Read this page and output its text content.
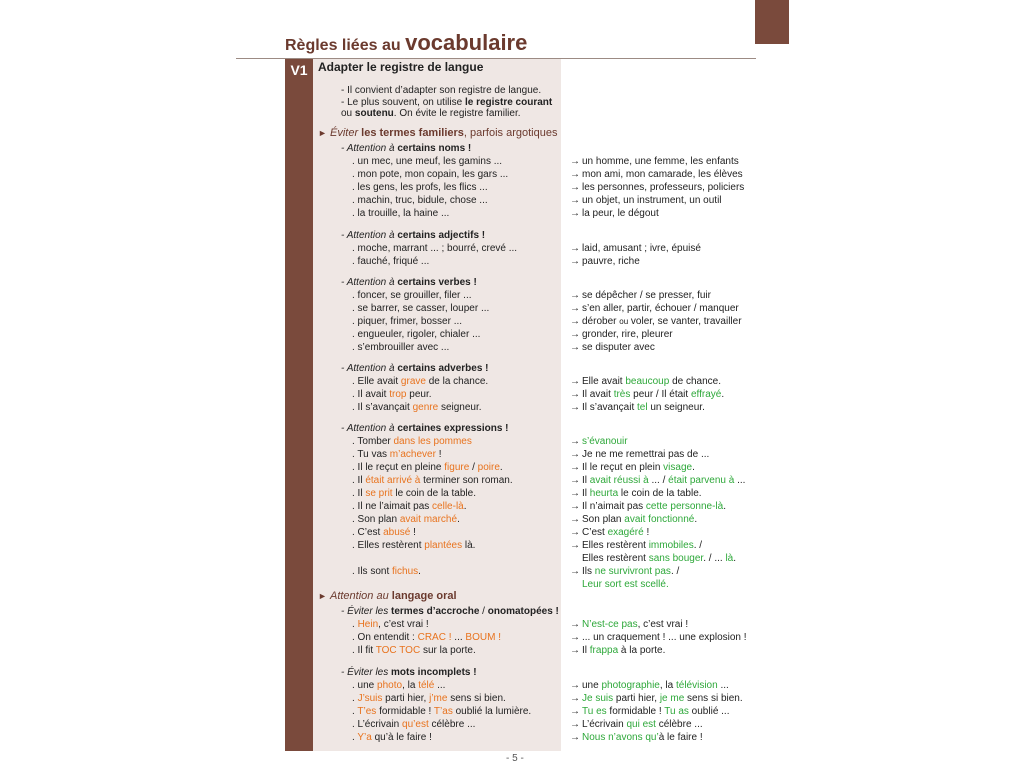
Règles liées au vocabulaire
V1 Adapter le registre de langue
- Il convient d’adapter son registre de langue.
- Le plus souvent, on utilise le registre courant
ou soutenu. On évite le registre familier.
► Éviter les termes familiers, parfois argotiques
- Attention à certains noms !
. un mec, une meuf, les gamins ...	→ un homme, une femme, les enfants
. mon pote, mon copain, les gars ...	→ mon ami, mon camarade, les élèves
. les gens, les profs, les flics ...	→ les personnes, professeurs, policiers
. machin, truc, bidule, chose ...	→ un objet, un instrument, un outil
. la trouille, la haine ...	→ la peur, le dégout
- Attention à certains adjectifs !
. moche, marrant ... ; bourré, crevé ...	→ laid, amusant ; ivre, épuisé
. fauché, friqué ...	→ pauvre, riche
- Attention à certains verbes !
. foncer, se grouiller, filer ...	→ se dépêcher / se presser, fuir
. se barrer, se casser, louper ...	→ s’en aller, partir, échouer / manquer
. piquer, frimer, bosser ...	→ dérober ou voler, se vanter, travailler
. engueuler, rigoler, chialer ...	→ gronder, rire, pleurer
. s’embrouiller avec ...	→ se disputer avec
- Attention à certains adverbes !
. Elle avait grave de la chance.	→ Elle avait beaucoup de chance.
. Il avait trop peur.	→ Il avait très peur / Il était effrayé.
. Il s’avançait genre seigneur.	→ Il s’avançait tel un seigneur.
- Attention à certaines expressions !
. Tomber dans les pommes	→ s’évanouir
. Tu vas m’achever !	→ Je ne me remettrai pas de ...
. Il le reçut en pleine figure / poire.	→ Il le reçut en plein visage.
. Il était arrivé à terminer son roman.	→ Il avait réussi à ... / était parvenu à ...
. Il se prit le coin de la table.	→ Il heurta le coin de la table.
. Il ne l’aimait pas celle-là.	→ Il n’aimait pas cette personne-là.
. Son plan avait marché.	→ Son plan avait fonctionné.
. C’est abusé !	→ C’est exagéré !
. Elles restèrent plantées là.	→ Elles restèrent immobiles. /
Elles restèrent sans bouger. / ... là.
. Ils sont fichus.	→ Ils ne survivront pas. /
Leur sort est scellé.
► Attention au langage oral
- Éviter les termes d’accroche / onomatopées !
. Hein, c’est vrai !	→ N’est-ce pas, c’est vrai !
. On entendit : CRAC ! ... BOUM !	→ ... un craquement ! ... une explosion !
. Il fit TOC TOC sur la porte.	→ Il frappa à la porte.
- Éviter les mots incomplets !
. une photo, la télé ...	→ une photographie, la télévision ...
. J’suis parti hier, j’me sens si bien.	→ Je suis parti hier, je me sens si bien.
. T’es formidable ! T’as oublié la lumière.	→ Tu es formidable ! Tu as oublié ...
. L’écrivain qu’est célèbre ...	→ L’écrivain qui est célèbre ...
. Y’a qu’à le faire !	→ Nous n’avons qu’à le faire !
- 5 -
